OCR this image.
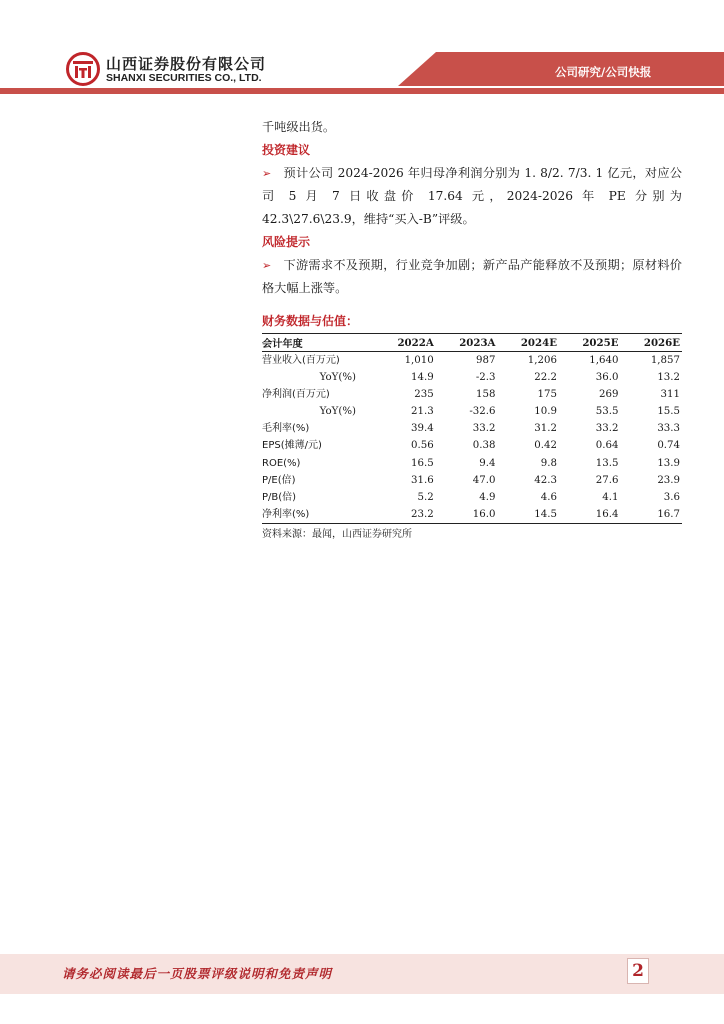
山西证券股份有限公司
SHANXI SECURITIES CO., LTD.	公司研究/公司快报

千吨级出货。

投资建议

➢ 预计公司 2024-2026 年归母净利润分别为 1. 8/2. 7/3. 1 亿元，对应公司 5 月 7 日收盘价 17.64 元，2024-2026 年 PE 分别为 42.3\27.6\23.9，维持“买入-B”评级。

风险提示

➢ 下游需求不及预期，行业竞争加剧；新产品产能释放不及预期；原材料价格大幅上涨等。

财务数据与估值：
会计年度	2022A	2023A	2024E	2025E	2026E
营业收入(百万元)	1,010	987	1,206	1,640	1,857
YoY(%)	14.9	-2.3	22.2	36.0	13.2
净利润(百万元)	235	158	175	269	311
YoY(%)	21.3	-32.6	10.9	53.5	15.5
毛利率(%)	39.4	33.2	31.2	33.2	33.3
EPS(摊薄/元)	0.56	0.38	0.42	0.64	0.74
ROE(%)	16.5	9.4	9.8	13.5	13.9
P/E(倍)	31.6	47.0	42.3	27.6	23.9
P/B(倍)	5.2	4.9	4.6	4.1	3.6
净利率(%)	23.2	16.0	14.5	16.4	16.7
资料来源：最闻，山西证券研究所
请务必阅读最后一页股票评级说明和免责声明	2
